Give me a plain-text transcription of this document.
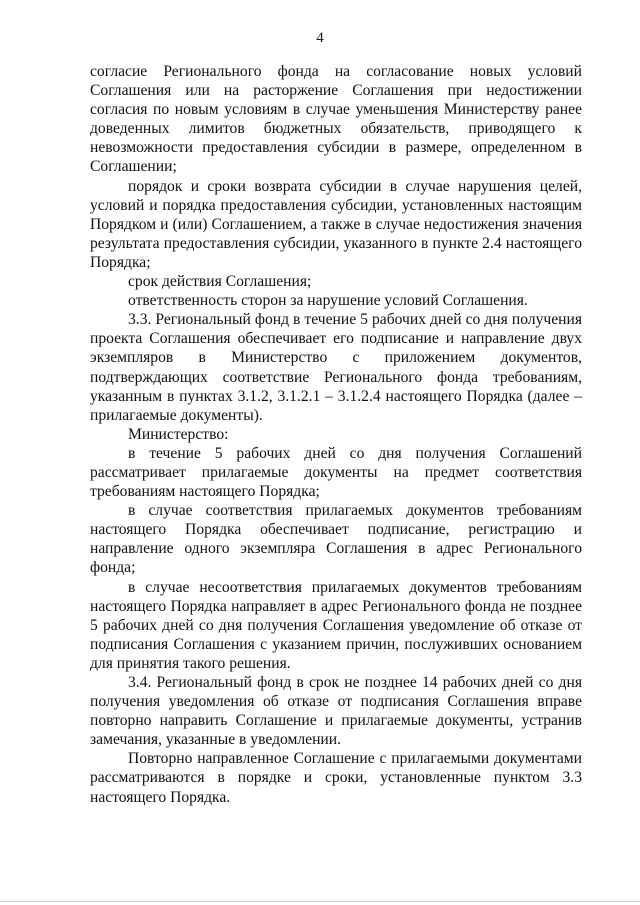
4

согласие Регионального фонда на согласование новых условий Соглашения или на расторжение Соглашения при недостижении согласия по новым условиям в случае уменьшения Министерству ранее доведенных лимитов бюджетных обязательств, приводящего к невозможности предоставления субсидии в размере, определенном в Соглашении;

порядок и сроки возврата субсидии в случае нарушения целей, условий и порядка предоставления субсидии, установленных настоящим Порядком и (или) Соглашением, а также в случае недостижения значения результата предоставления субсидии, указанного в пункте 2.4 настоящего Порядка;

срок действия Соглашения;

ответственность сторон за нарушение условий Соглашения.

3.3. Региональный фонд в течение 5 рабочих дней со дня получения проекта Соглашения обеспечивает его подписание и направление двух экземпляров в Министерство с приложением документов, подтверждающих соответствие Регионального фонда требованиям, указанным в пунктах 3.1.2, 3.1.2.1 – 3.1.2.4 настоящего Порядка (далее – прилагаемые документы).

Министерство:

в течение 5 рабочих дней со дня получения Соглашений рассматривает прилагаемые документы на предмет соответствия требованиям настоящего Порядка;

в случае соответствия прилагаемых документов требованиям настоящего Порядка обеспечивает подписание, регистрацию и направление одного экземпляра Соглашения в адрес Регионального фонда;

в случае несоответствия прилагаемых документов требованиям настоящего Порядка направляет в адрес Регионального фонда не позднее 5 рабочих дней со дня получения Соглашения уведомление об отказе от подписания Соглашения с указанием причин, послуживших основанием для принятия такого решения.

3.4. Региональный фонд в срок не позднее 14 рабочих дней со дня получения уведомления об отказе от подписания Соглашения вправе повторно направить Соглашение и прилагаемые документы, устранив замечания, указанные в уведомлении.

Повторно направленное Соглашение с прилагаемыми документами рассматриваются в порядке и сроки, установленные пунктом 3.3 настоящего Порядка.
